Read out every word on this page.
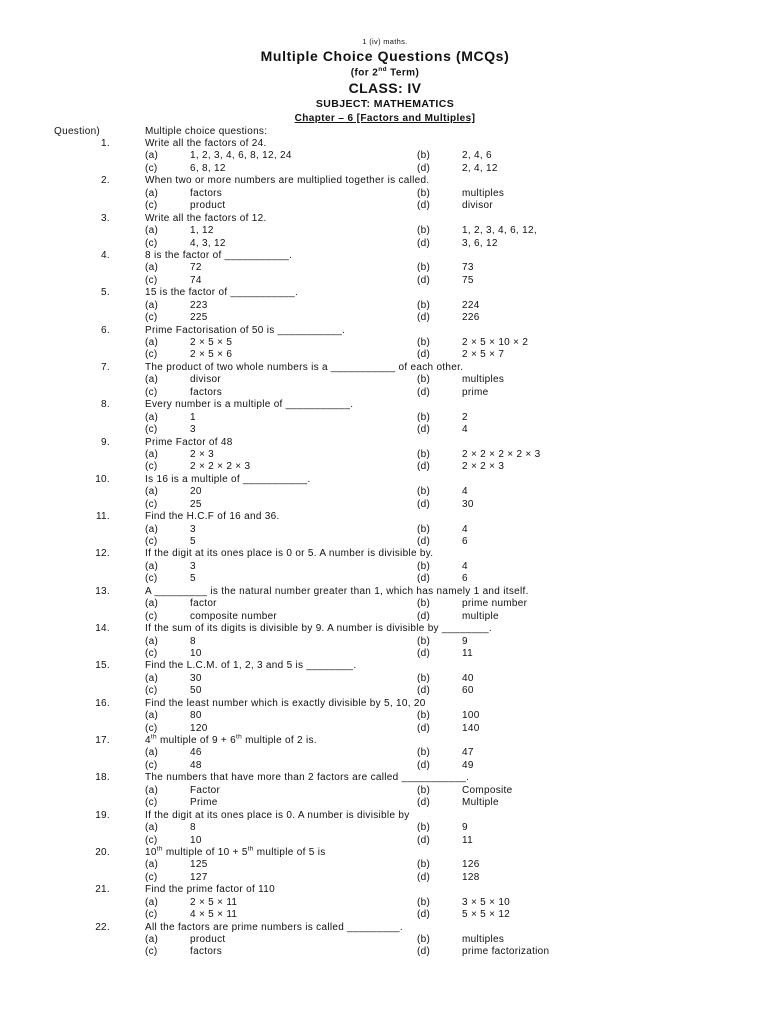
1 (iv) maths.
Multiple Choice Questions (MCQs)
(for 2nd Term)
CLASS: IV
SUBJECT: MATHEMATICS
Chapter – 6 [Factors and Multiples]
Question)	Multiple choice questions:
1.	Write all the factors of 24.
(a)	1, 2, 3, 4, 6, 8, 12, 24	(b)	2, 4, 6
(c)	6, 8, 12	(d)	2, 4, 12
2.	When two or more numbers are multiplied together is called.
(a)	factors	(b)	multiples
(c)	product	(d)	divisor
3.	Write all the factors of 12.
(a)	1, 12	(b)	1, 2, 3, 4, 6, 12,
(c)	4, 3, 12	(d)	3, 6, 12
4.	8 is the factor of ___________.
(a)	72	(b)	73
(c)	74	(d)	75
5.	15 is the factor of ___________.
(a)	223	(b)	224
(c)	225	(d)	226
6.	Prime Factorisation of 50 is ___________.
(a)	2 × 5 × 5	(b)	2 × 5 × 10 × 2
(c)	2 × 5 × 6	(d)	2 × 5 × 7
7.	The product of two whole numbers is a ___________ of each other.
(a)	divisor	(b)	multiples
(c)	factors	(d)	prime
8.	Every number is a multiple of ___________.
(a)	1	(b)	2
(c)	3	(d)	4
9.	Prime Factor of 48
(a)	2 × 3	(b)	2 × 2 × 2 × 2 × 3
(c)	2 × 2 × 2 × 3	(d)	2 × 2 × 3
10.	Is 16 is a multiple of ___________.
(a)	20	(b)	4
(c)	25	(d)	30
11.	Find the H.C.F of 16 and 36.
(a)	3	(b)	4
(c)	5	(d)	6
12.	If the digit at its ones place is 0 or 5. A number is divisible by.
(a)	3	(b)	4
(c)	5	(d)	6
13.	A _________ is the natural number greater than 1, which has namely 1 and itself.
(a)	factor	(b)	prime number
(c)	composite number	(d)	multiple
14.	If the sum of its digits is divisible by 9. A number is divisible by ________.
(a)	8	(b)	9
(c)	10	(d)	11
15.	Find the L.C.M. of 1, 2, 3 and 5 is ________.
(a)	30	(b)	40
(c)	50	(d)	60
16.	Find the least number which is exactly divisible by 5, 10, 20
(a)	80	(b)	100
(c)	120	(d)	140
17.	4th multiple of 9 + 6th multiple of 2 is.
(a)	46	(b)	47
(c)	48	(d)	49
18.	The numbers that have more than 2 factors are called ___________.
(a)	Factor	(b)	Composite
(c)	Prime	(d)	Multiple
19.	If the digit at its ones place is 0. A number is divisible by
(a)	8	(b)	9
(c)	10	(d)	11
20.	10th multiple of 10 + 5th multiple of 5 is
(a)	125	(b)	126
(c)	127	(d)	128
21.	Find the prime factor of 110
(a)	2 × 5 × 11	(b)	3 × 5 × 10
(c)	4 × 5 × 11	(d)	5 × 5 × 12
22.	All the factors are prime numbers is called _________.
(a)	product	(b)	multiples
(c)	factors	(d)	prime factorization
